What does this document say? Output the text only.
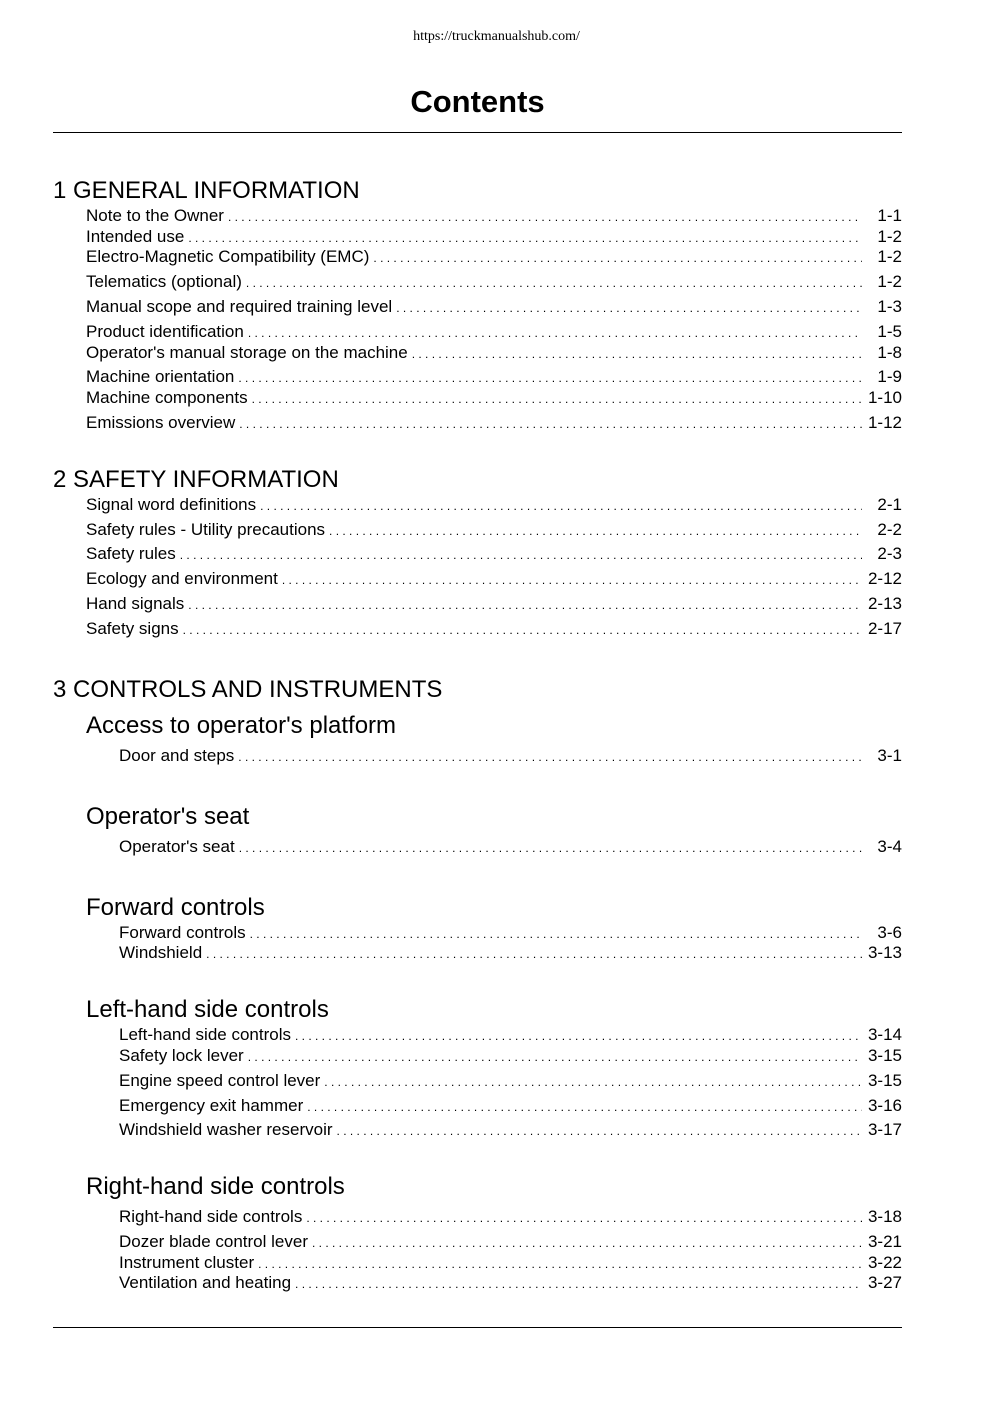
https://truckmanualshub.com/
Contents
1 GENERAL INFORMATION
Note to the Owner . . .	1-1
Intended use . . .	1-2
Electro-Magnetic Compatibility (EMC) . . .	1-2
Telematics (optional) . . .	1-2
Manual scope and required training level . . .	1-3
Product identification . . .	1-5
Operator's manual storage on the machine . . .	1-8
Machine orientation . . .	1-9
Machine components . . .	1-10
Emissions overview . . .	1-12
2 SAFETY INFORMATION
Signal word definitions . . .	2-1
Safety rules - Utility precautions . . .	2-2
Safety rules . . .	2-3
Ecology and environment . . .	2-12
Hand signals . . .	2-13
Safety signs . . .	2-17
3 CONTROLS AND INSTRUMENTS
Access to operator's platform
Door and steps . . .	3-1
Operator's seat
Operator's seat . . .	3-4
Forward controls
Forward controls . . .	3-6
Windshield . . .	3-13
Left-hand side controls
Left-hand side controls . . .	3-14
Safety lock lever . . .	3-15
Engine speed control lever . . .	3-15
Emergency exit hammer . . .	3-16
Windshield washer reservoir . . .	3-17
Right-hand side controls
Right-hand side controls . . .	3-18
Dozer blade control lever . . .	3-21
Instrument cluster . . .	3-22
Ventilation and heating . . .	3-27
